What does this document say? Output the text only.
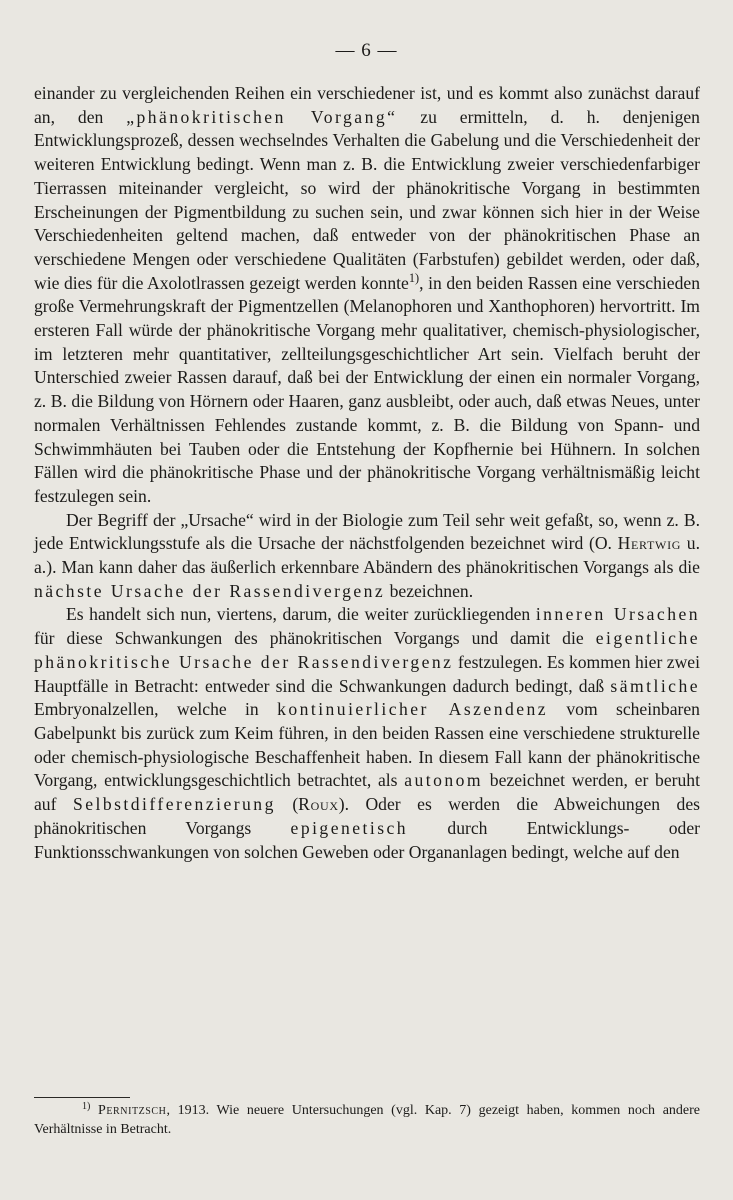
— 6 —

einander zu vergleichenden Reihen ein verschiedener ist, und es kommt also zunächst darauf an, den „phänokritischen Vorgang“ zu ermitteln, d. h. denjenigen Entwicklungsprozeß, dessen wechselndes Verhalten die Gabelung und die Verschiedenheit der weiteren Entwicklung bedingt. Wenn man z. B. die Entwicklung zweier verschiedenfarbiger Tierrassen miteinander vergleicht, so wird der phänokritische Vorgang in bestimmten Erscheinungen der Pigmentbildung zu suchen sein, und zwar können sich hier in der Weise Verschiedenheiten geltend machen, daß entweder von der phänokritischen Phase an verschiedene Mengen oder verschiedene Qualitäten (Farbstufen) gebildet werden, oder daß, wie dies für die Axolotlrassen gezeigt werden konnte$^{1)}$, in den beiden Rassen eine verschieden große Vermehrungskraft der Pigmentzellen (Melanophoren und Xanthophoren) hervortritt. Im ersteren Fall würde der phänokritische Vorgang mehr qualitativer, chemisch-physiologischer, im letzteren mehr quantitativer, zellteilungsgeschichtlicher Art sein. Vielfach beruht der Unterschied zweier Rassen darauf, daß bei der Entwicklung der einen ein normaler Vorgang, z. B. die Bildung von Hörnern oder Haaren, ganz ausbleibt, oder auch, daß etwas Neues, unter normalen Verhältnissen Fehlendes zustande kommt, z. B. die Bildung von Spann- und Schwimmhäuten bei Tauben oder die Entstehung der Kopfhernie bei Hühnern. In solchen Fällen wird die phänokritische Phase und der phänokritische Vorgang verhältnismäßig leicht festzulegen sein.

Der Begriff der „Ursache“ wird in der Biologie zum Teil sehr weit gefaßt, so, wenn z. B. jede Entwicklungsstufe als die Ursache der nächstfolgenden bezeichnet wird (O. Hertwig u. a.). Man kann daher das äußerlich erkennbare Abändern des phänokritischen Vorgangs als die nächste Ursache der Rassendivergenz bezeichnen.

Es handelt sich nun, viertens, darum, die weiter zurückliegenden inneren Ursachen für diese Schwankungen des phänokritischen Vorgangs und damit die eigentliche phänokritische Ursache der Rassendivergenz festzulegen. Es kommen hier zwei Hauptfälle in Betracht: entweder sind die Schwankungen dadurch bedingt, daß sämtliche Embryonalzellen, welche in kontinuierlicher Aszendenz vom scheinbaren Gabelpunkt bis zurück zum Keim führen, in den beiden Rassen eine verschiedene strukturelle oder chemisch-physiologische Beschaffenheit haben. In diesem Fall kann der phänokritische Vorgang, entwicklungsgeschichtlich betrachtet, als autonom bezeichnet werden, er beruht auf Selbstdifferenzierung (Roux). Oder es werden die Abweichungen des phänokritischen Vorgangs epigenetisch durch Entwicklungs- oder Funktionsschwankungen von solchen Geweben oder Organanlagen bedingt, welche auf den

$^{1)}$ Pernitzsch, 1913. Wie neuere Untersuchungen (vgl. Kap. 7) gezeigt haben, kommen noch andere Verhältnisse in Betracht.
